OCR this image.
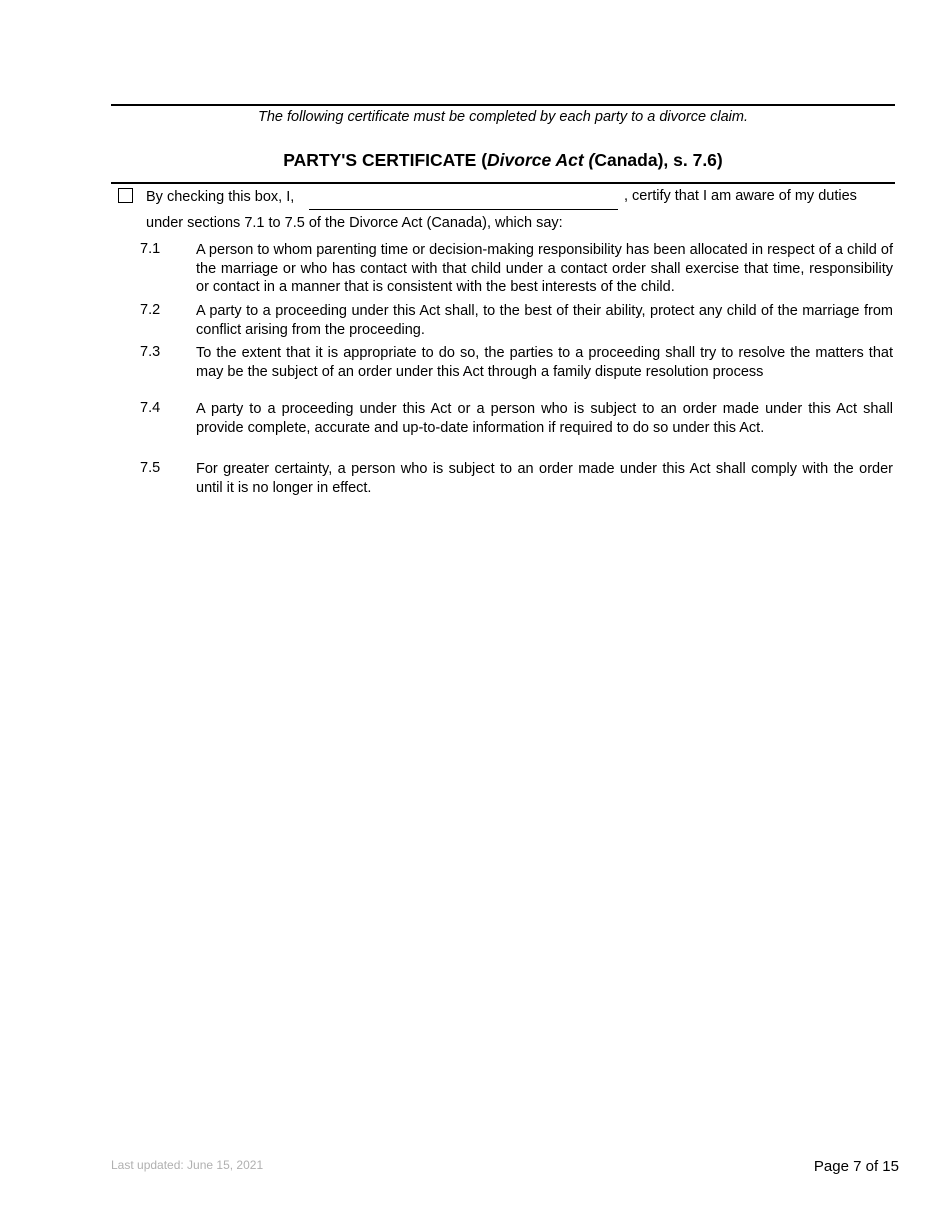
The following certificate must be completed by each party to a divorce claim.
PARTY'S CERTIFICATE (Divorce Act (Canada), s. 7.6)
By checking this box, I,	, certify that I am aware of my duties
under sections 7.1 to 7.5 of the Divorce Act (Canada), which say:
7.1 A person to whom parenting time or decision-making responsibility has been allocated in respect of a child of the marriage or who has contact with that child under a contact order shall exercise that time, responsibility or contact in a manner that is consistent with the best interests of the child.
7.2 A party to a proceeding under this Act shall, to the best of their ability, protect any child of the marriage from conflict arising from the proceeding.
7.3 To the extent that it is appropriate to do so, the parties to a proceeding shall try to resolve the matters that may be the subject of an order under this Act through a family dispute resolution process
7.4 A party to a proceeding under this Act or a person who is subject to an order made under this Act shall provide complete, accurate and up-to-date information if required to do so under this Act.
7.5 For greater certainty, a person who is subject to an order made under this Act shall comply with the order until it is no longer in effect.
Last updated: June 15, 2021	Page 7 of 15
